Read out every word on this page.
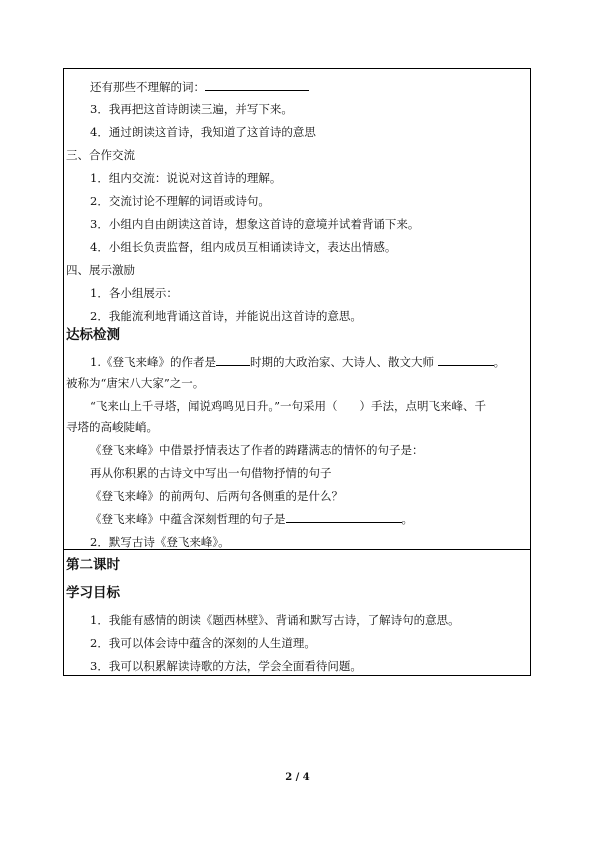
还有那些不理解的词：
3．我再把这首诗朗读三遍，并写下来。
4．通过朗读这首诗，我知道了这首诗的意思
三、合作交流
1．组内交流：说说对这首诗的理解。
2．交流讨论不理解的词语或诗句。
3．小组内自由朗读这首诗，想象这首诗的意境并试着背诵下来。
4．小组长负责监督，组内成员互相诵读诗文，表达出情感。
四、展示激励
1．各小组展示：
2．我能流利地背诵这首诗，并能说出这首诗的意思。
达标检测
1.《登飞来峰》的作者是	时期的大政治家、大诗人、散文大师	。
被称为“唐宋八大家”之一。
“飞来山上千寻塔，闻说鸡鸣见日升。”一句采用（ ）手法，点明飞来峰、千
寻塔的高峻陡峭。
《登飞来峰》中借景抒情表达了作者的踌躇满志的情怀的句子是：
再从你积累的古诗文中写出一句借物抒情的句子
《登飞来峰》的前两句、后两句各侧重的是什么？
《登飞来峰》中蕴含深刻哲理的句子是	。
2．默写古诗《登飞来峰》。
第二课时
学习目标
1．我能有感情的朗读《题西林壁》、背诵和默写古诗，了解诗句的意思。
2．我可以体会诗中蕴含的深刻的人生道理。
3．我可以积累解读诗歌的方法，学会全面看待问题。
2 / 4
